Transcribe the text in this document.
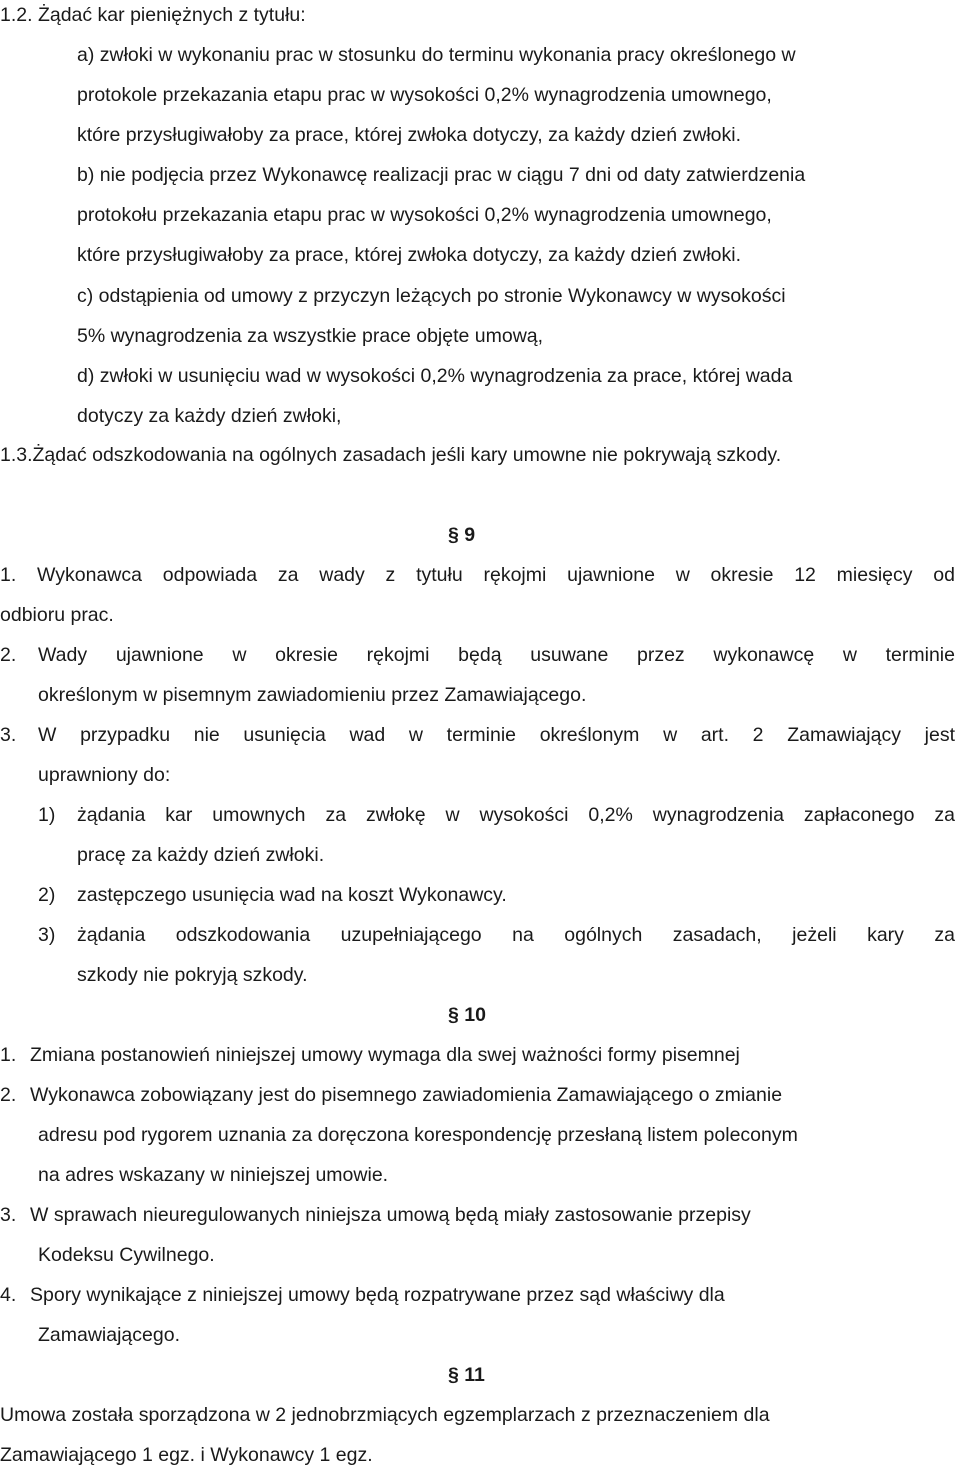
1.2. Żądać kar pieniężnych z tytułu:
a) zwłoki w wykonaniu prac w stosunku do terminu wykonania pracy określonego w
protokole przekazania etapu prac w wysokości 0,2% wynagrodzenia umownego,
które przysługiwałoby za prace, której zwłoka dotyczy, za każdy dzień zwłoki.
b) nie podjęcia przez Wykonawcę realizacji prac w ciągu 7 dni od daty zatwierdzenia
protokołu przekazania etapu prac w wysokości 0,2% wynagrodzenia umownego,
które przysługiwałoby za prace, której zwłoka dotyczy, za każdy dzień zwłoki.
c) odstąpienia od umowy z przyczyn leżących po stronie Wykonawcy w wysokości
5% wynagrodzenia za wszystkie prace objęte umową,
d) zwłoki w usunięciu wad w wysokości 0,2% wynagrodzenia za prace, której wada
dotyczy za każdy dzień zwłoki,
1.3.Żądać odszkodowania na ogólnych zasadach jeśli kary umowne nie pokrywają szkody.
§ 9
1. Wykonawca odpowiada za wady z tytułu rękojmi ujawnione w okresie 12 miesięcy od
odbioru prac.
2. Wady ujawnione w okresie rękojmi będą usuwane przez wykonawcę w terminie
określonym w pisemnym zawiadomieniu przez Zamawiającego.
3. W przypadku nie usunięcia wad w terminie określonym w art. 2 Zamawiający jest
uprawniony do:
1) żądania kar umownych za zwłokę w wysokości 0,2% wynagrodzenia zapłaconego za
pracę za każdy dzień zwłoki.
2) zastępczego usunięcia wad na koszt Wykonawcy.
3) żądania odszkodowania uzupełniającego na ogólnych zasadach, jeżeli kary za
szkody nie pokryją szkody.
§ 10
1. Zmiana postanowień niniejszej umowy wymaga dla swej ważności formy pisemnej
2. Wykonawca zobowiązany jest do pisemnego zawiadomienia Zamawiającego o zmianie
adresu pod rygorem uznania za doręczona korespondencję przesłaną listem poleconym
na adres wskazany w niniejszej umowie.
3. W sprawach nieuregulowanych niniejsza umową będą miały zastosowanie przepisy
Kodeksu Cywilnego.
4. Spory wynikające z niniejszej umowy będą rozpatrywane przez sąd właściwy dla
Zamawiającego.
§ 11
Umowa została sporządzona w 2 jednobrzmiących egzemplarzach z przeznaczeniem dla
Zamawiającego 1 egz. i Wykonawcy 1 egz.
